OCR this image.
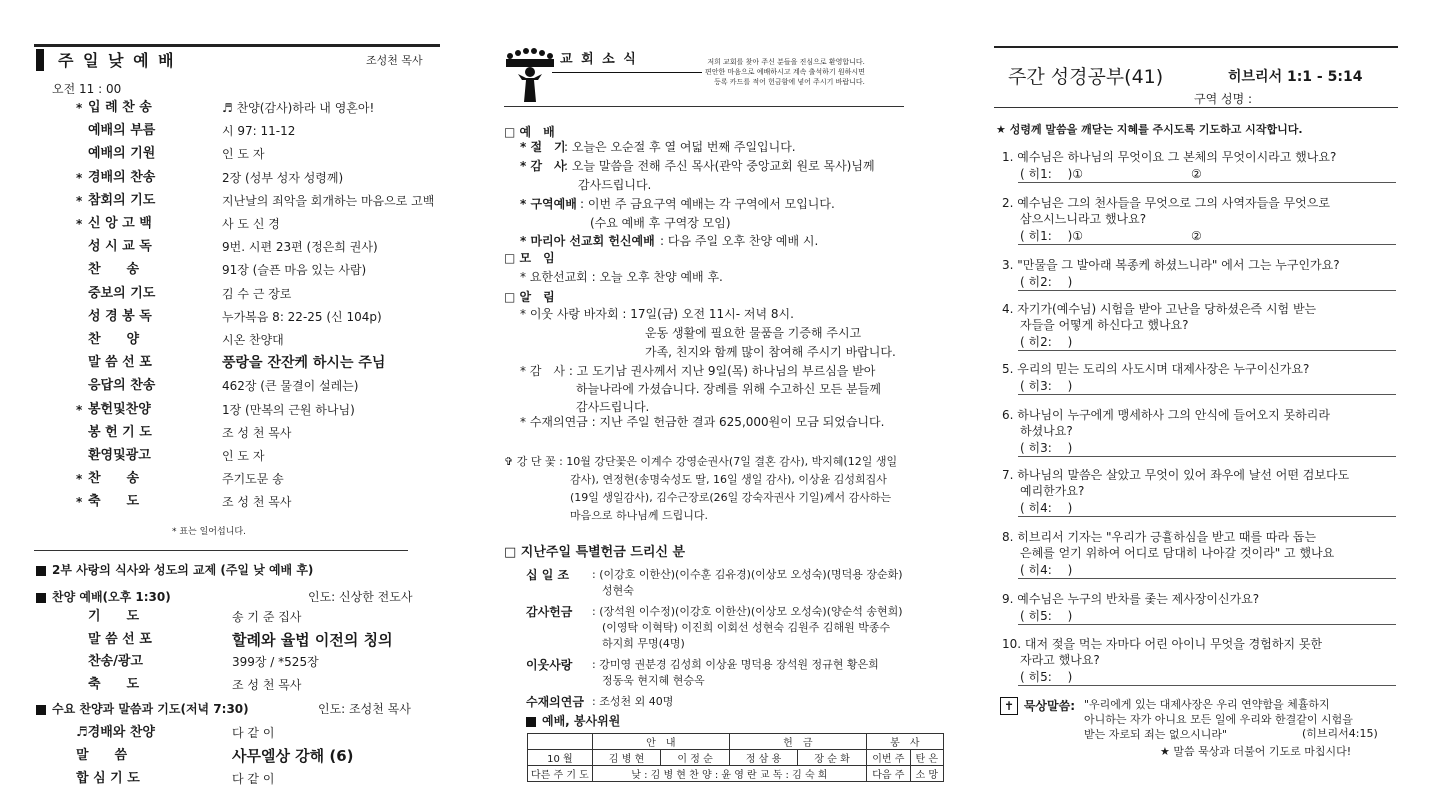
주 일 낮 예 배	조성천 목사
오전 11 : 00
* 입 례 찬 송	♬ 찬양(감사)하라 내 영혼아!
예배의 부름	시 97: 11-12
예배의 기원	인 도 자
* 경배의 찬송	2장 (성부 성자 성령께)
* 참회의 기도	지난날의 죄악을 회개하는 마음으로 고백
* 신 앙 고 백	사 도 신 경
성 시 교 독	9번. 시편 23편 (정은희 권사)
찬　　송	91장 (슬픈 마음 있는 사람)
중보의 기도	김 수 근 장로
성 경 봉 독	누가복음 8: 22-25 (신 104p)
찬　　양	시온 찬양대
말 씀 선 포	풍랑을 잔잔케 하시는 주님
응답의 찬송	462장 (큰 물결이 설레는)
* 봉헌및찬양	1장 (만복의 근원 하나님)
봉 헌 기 도	조 성 천 목사
환영및광고	인 도 자
* 찬　　송	주기도문 송
* 축　　도	조 성 천 목사
* 표는 일어섭니다.
2부 사랑의 식사와 성도의 교제 (주일 낮 예배 후)
찬양 예배(오후 1:30)	인도: 신상한 전도사
기　　도	송 기 준 집사
말 씀 선 포	할례와 율법 이전의 칭의
찬송/광고	399장 / *525장
축　　도	조 성 천 목사
수요 찬양과 말씀과 기도(저녁 7:30)	인도: 조성천 목사
♬경배와 찬양	다 같 이
말　　씀	사무엘상 강해 (6)
합 심 기 도	다 같 이
교 회 소 식	저희 교회를 찾아 주신 분들을 진심으로 환영합니다.
편안한 마음으로 예배하시고 계속 출석하기 원하시면
등록 카드를 적어 헌금함에 넣어 주시기 바랍니다.
□ 예　배
* 절　기
: 오늘은 오순절 후 열 여덟 번째 주일입니다.
* 감　사
: 오늘 말씀을 전해 주신 목사(관악 중앙교회 원로 목사)님께
감사드립니다.
* 구역예배 : 이번 주 금요구역 예배는 각 구역에서 모입니다.
(수요 예배 후 구역장 모임)
* 마리아 선교회 헌신예배 : 다음 주일 오후 찬양 예배 시.
□ 모　임
* 요한선교회 : 오늘 오후 찬양 예배 후.
□ 알　림
* 이웃 사랑 바자회 : 17일(금) 오전 11시- 저녁 8시.
운동 생활에 필요한 물품을 기증해 주시고
가족, 친지와 함께 많이 참여해 주시기 바랍니다.
* 감　사 : 고 도기남 권사께서 지난 9일(목) 하나님의 부르심을 받아
하늘나라에 가셨습니다. 장례를 위해 수고하신 모든 분들께
감사드립니다.
* 수재의연금 : 지난 주일 헌금한 결과 625,000원이 모금 되었습니다.
✞ 강 단 꽃 : 10월 강단꽃은 이계수 강영순권사(7일 결혼 감사), 박지혜(12일 생일
감사), 연정현(송명숙성도 딸, 16일 생일 감사), 이상윤 김성희집사
(19일 생일감사), 김수근장로(26일 강숙자권사 기일)께서 감사하는
마음으로 하나님께 드립니다.
□ 지난주일 특별헌금 드리신 분
십 일 조 : (이강호 이한산)(이수훈 김유경)(이상모 오성숙)(명덕용 장순화)
성현숙
감사헌금 : (장석원 이수정)(이강호 이한산)(이상모 오성숙)(양순석 송현희)
(이영탁 이혁탁) 이진희 이회선 성현숙 김원주 김해원 박종수
하지희 무명(4명)
이웃사랑 : 강미영 권분경 김성희 이상윤 명덕용 장석원 정규현 황은희
정동욱 현지혜 현승옥
수재의연금 : 조성천 외 40명
예배, 봉사위원
	안　내		헌　금		봉　사	
10 월	김 병 현	이 정 순	정 삼 용	장 순 화	이번 주	탄 은
다른 주 기 도	낮 : 김 병 현 찬 양 : 윤 영 란 교 독 : 김 숙 희				다음 주	소 망
주간 성경공부(41)	히브리서 1:1 - 5:14
구역 성명 :
★ 성령께 말씀을 깨닫는 지혜를 주시도록 기도하고 시작합니다.
1. 예수님은 하나님의 무엇이요 그 본체의 무엇이시라고 했나요?
( 히1:　 )①　　　　　　　　　②
2. 예수님은 그의 천사들을 무엇으로 그의 사역자들을 무엇으로
삼으시느니라고 했나요?
( 히1:　 )①　　　　　　　　　②
3. "만물을 그 발아래 복종케 하셨느니라" 에서 그는 누구인가요?
( 히2:　 )
4. 자기가(예수님) 시험을 받아 고난을 당하셨은즉 시험 받는
자들을 어떻게 하신다고 했나요?
( 히2:　 )
5. 우리의 믿는 도리의 사도시며 대제사장은 누구이신가요?
( 히3:　 )
6. 하나님이 누구에게 맹세하사 그의 안식에 들어오지 못하리라
하셨나요?
( 히3:　 )
7. 하나님의 말씀은 살았고 무엇이 있어 좌우에 날선 어떤 검보다도
예리한가요?
( 히4:　 )
8. 히브리서 기자는 "우리가 긍휼하심을 받고 때를 따라 돕는
은혜를 얻기 위하여 어디로 담대히 나아갈 것이라" 고 했나요
( 히4:　 )
9. 예수님은 누구의 반차를 좇는 제사장이신가요?
( 히5:　 )
10. 대저 젖을 먹는 자마다 어린 아이니 무엇을 경험하지 못한
자라고 했나요?
( 히5:　 )
✝ 묵상말씀: "우리에게 있는 대제사장은 우리 연약함을 체휼하지
아니하는 자가 아니요 모든 일에 우리와 한결같이 시험을
받는 자로되 죄는 없으시니라"	(히브리서4:15)
★ 말씀 묵상과 더불어 기도로 마칩시다!
